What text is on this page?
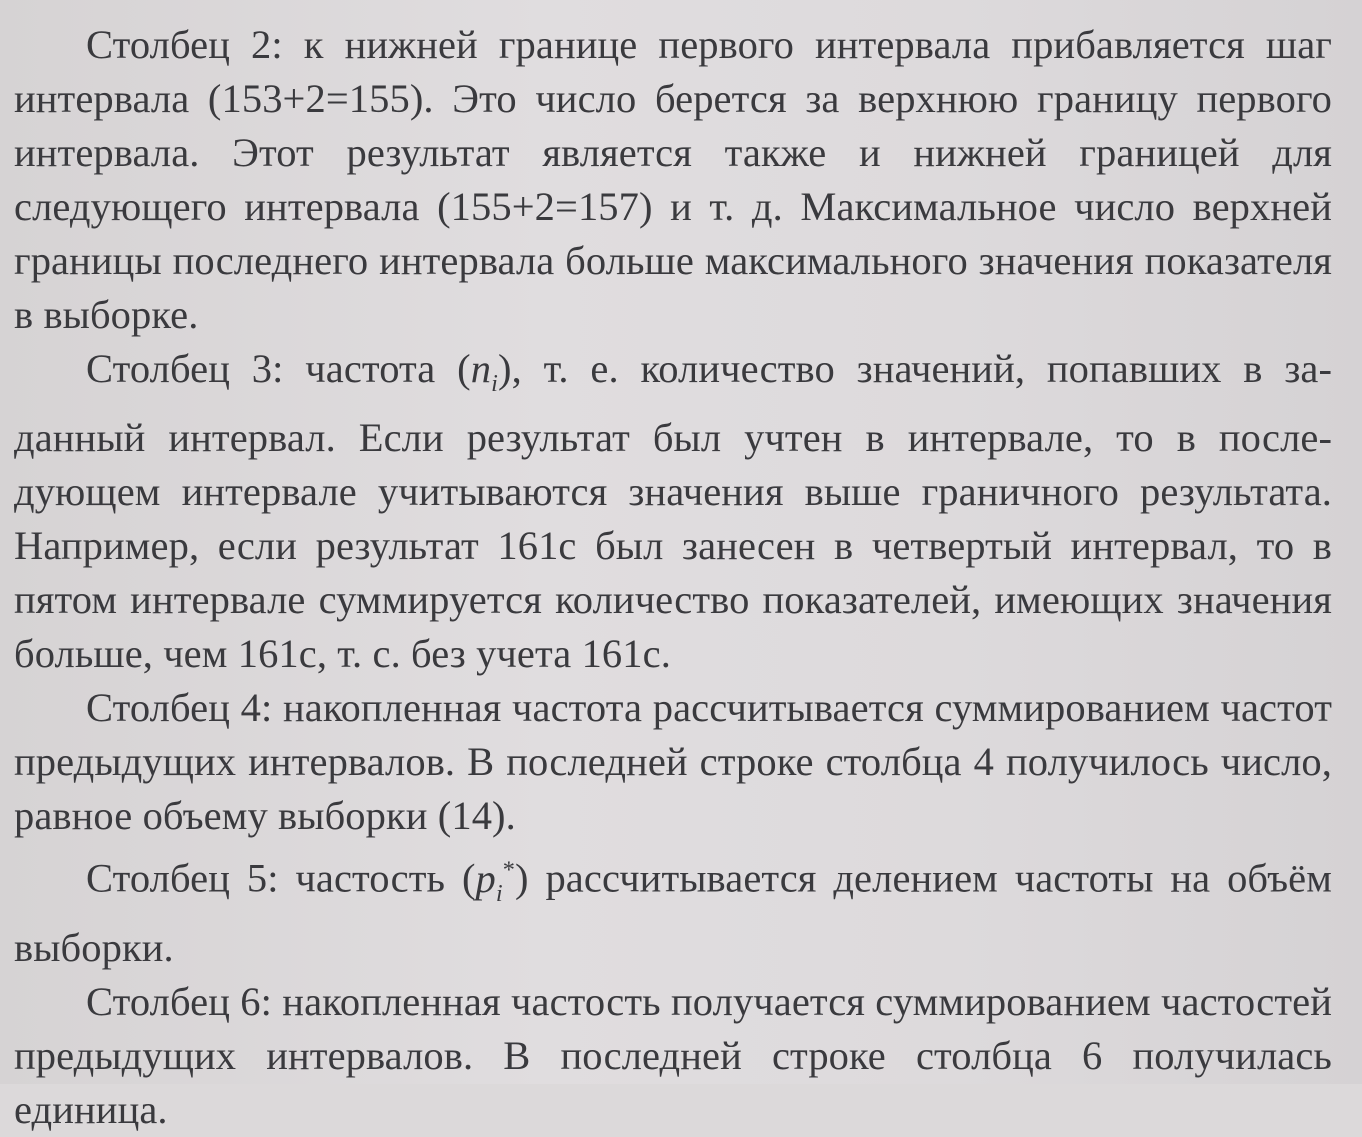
Столбец 2: к нижней границе первого интервала прибавляется шаг интервала (153+2=155). Это число берется за верхнюю границу первого интервала. Этот результат является также и нижней границей для следующего интервала (155+2=157) и т. д. Максимальное число верхней границы последнего интервала больше максимального значения показателя в выборке.

Столбец 3: частота $(n_i)$, т. е. количество значений, попавших в заданный интервал. Если результат был учтен в интервале, то в последующем интервале учитываются значения выше граничного результата. Например, если результат 161с был занесен в четвертый интервал, то в пятом интервале суммируется количество показателей, имеющих значения больше, чем 161с, т. с. без учета 161с.

Столбец 4: накопленная частота рассчитывается суммированием частот предыдущих интервалов. В последней строке столбца 4 получилось число, равное объему выборки (14).

Столбец 5: частость $(p_i^*)$ рассчитывается делением частоты на объём выборки.

Столбец 6: накопленная частость получается суммированием частостей предыдущих интервалов. В последней строке столбца 6 получилась единица.
